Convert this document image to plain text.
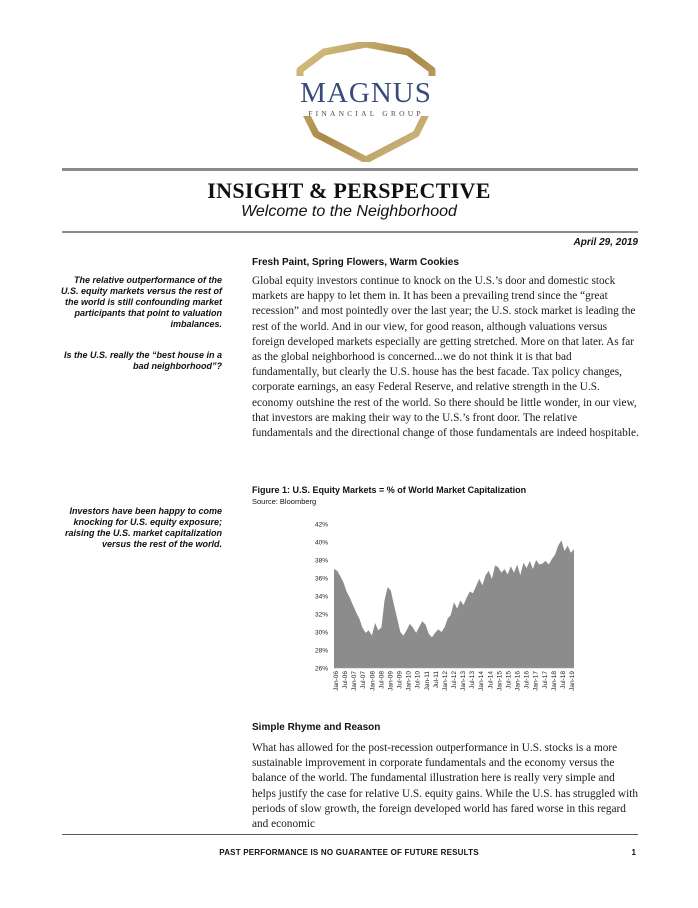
MAGNUS
FINANCIAL GROUP
INSIGHT & PERSPECTIVE
Welcome to the Neighborhood
April 29, 2019
The relative outperformance of the U.S. equity markets versus the rest of the world is still confounding market participants that point to valuation imbalances.
Is the U.S. really the “best house in a bad neighborhood”?
Investors have been happy to come knocking for U.S. equity exposure; raising the U.S. market capitalization versus the rest of the world.
Fresh Paint, Spring Flowers, Warm Cookies
Global equity investors continue to knock on the U.S.’s door and domestic stock markets are happy to let them in. It has been a prevailing trend since the “great recession” and most pointedly over the last year; the U.S. stock market is leading the rest of the world. And in our view, for good reason, although valuations versus foreign developed markets especially are getting stretched. More on that later. As far as the global neighborhood is concerned...we do not think it is that bad fundamentally, but clearly the U.S. house has the best facade. Tax policy changes, corporate earnings, an easy Federal Reserve, and relative strength in the U.S. economy outshine the rest of the world. So there should be little wonder, in our view, that investors are making their way to the U.S.’s front door. The relative fundamentals and the directional change of those fundamentals are indeed hospitable.
Figure 1: U.S. Equity Markets = % of World Market Capitalization
Source: Bloomberg
26%
28%
30%
32%
34%
36%
38%
40%
42%
Jan-06 Jul-06 Jan-07 Jul-07 Jan-08 Jul-08 Jan-09 Jul-09 Jan-10 Jul-10 Jan-11 Jul-11 Jan-12 Jul-12 Jan-13 Jul-13 Jan-14 Jul-14 Jan-15 Jul-15 Jan-16 Jul-16 Jan-17 Jul-17 Jan-18 Jul-18 Jan-19
Simple Rhyme and Reason
What has allowed for the post-recession outperformance in U.S. stocks is a more sustainable improvement in corporate fundamentals and the economy versus the balance of the world. The fundamental illustration here is really very simple and helps justify the case for relative U.S. equity gains. While the U.S. has struggled with periods of slow growth, the foreign developed world has fared worse in this regard and economic
PAST PERFORMANCE IS NO GUARANTEE OF FUTURE RESULTS	1
